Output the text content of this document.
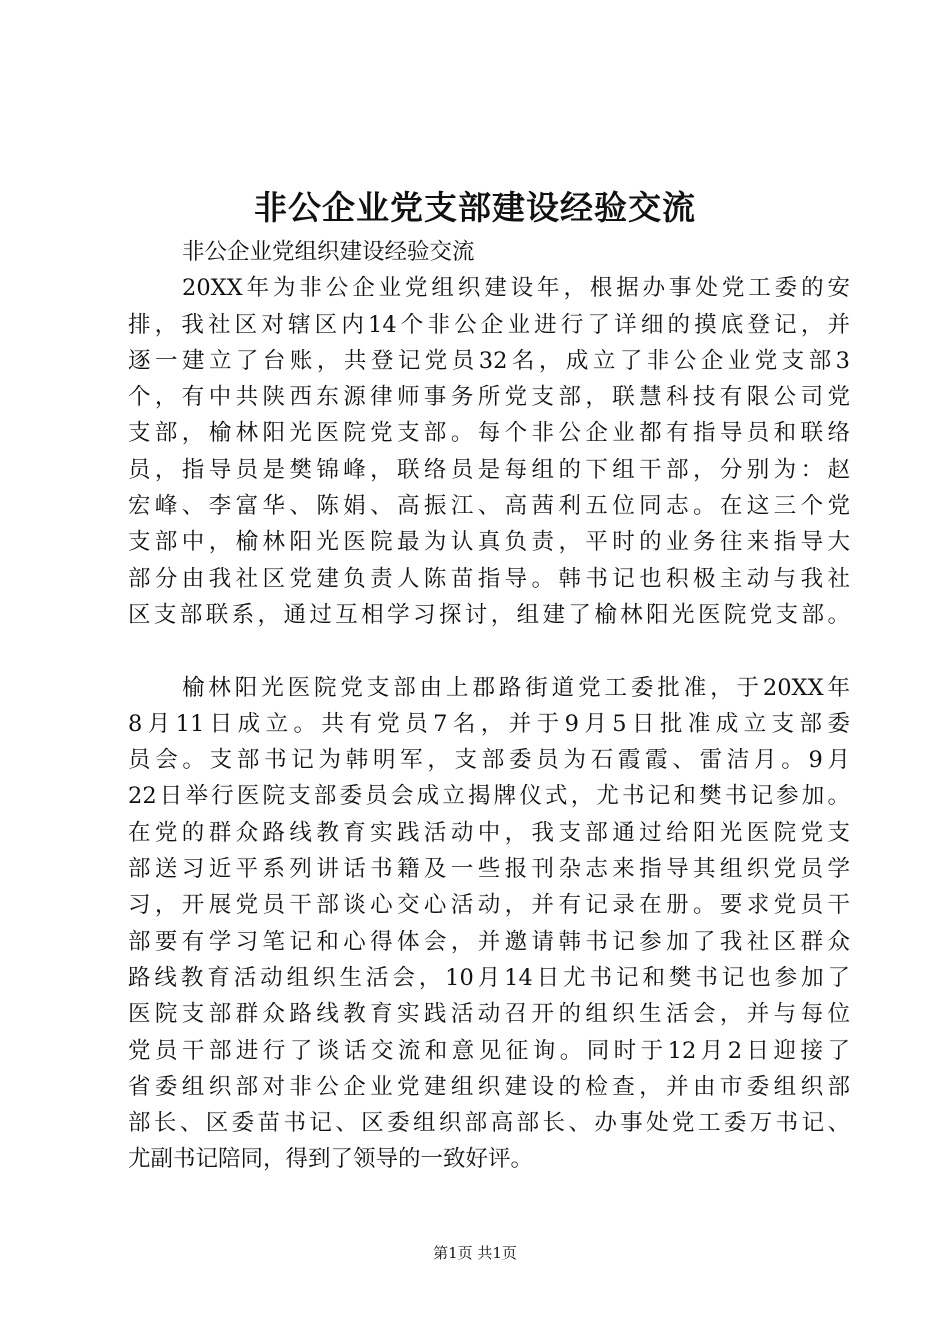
非公企业党支部建设经验交流
非公企业党组织建设经验交流
20XX年为非公企业党组织建设年，根据办事处党工委的安
排，我社区对辖区内14个非公企业进行了详细的摸底登记，并
逐一建立了台账，共登记党员32名，成立了非公企业党支部3
个，有中共陕西东源律师事务所党支部，联慧科技有限公司党
支部，榆林阳光医院党支部。每个非公企业都有指导员和联络
员，指导员是樊锦峰，联络员是每组的下组干部，分别为：赵
宏峰、李富华、陈娟、高振江、高茜利五位同志。在这三个党
支部中，榆林阳光医院最为认真负责，平时的业务往来指导大
部分由我社区党建负责人陈苗指导。韩书记也积极主动与我社
区支部联系，通过互相学习探讨，组建了榆林阳光医院党支部。
榆林阳光医院党支部由上郡路街道党工委批准，于20XX年
8月11日成立。共有党员7名，并于9月5日批准成立支部委
员会。支部书记为韩明军，支部委员为石霞霞、雷洁月。9月
22日举行医院支部委员会成立揭牌仪式，尤书记和樊书记参加。
在党的群众路线教育实践活动中，我支部通过给阳光医院党支
部送习近平系列讲话书籍及一些报刊杂志来指导其组织党员学
习，开展党员干部谈心交心活动，并有记录在册。要求党员干
部要有学习笔记和心得体会，并邀请韩书记参加了我社区群众
路线教育活动组织生活会，10月14日尤书记和樊书记也参加了
医院支部群众路线教育实践活动召开的组织生活会，并与每位
党员干部进行了谈话交流和意见征询。同时于12月2日迎接了
省委组织部对非公企业党建组织建设的检查，并由市委组织部
部长、区委苗书记、区委组织部高部长、办事处党工委万书记、
尤副书记陪同，得到了领导的一致好评。
第1页 共1页
